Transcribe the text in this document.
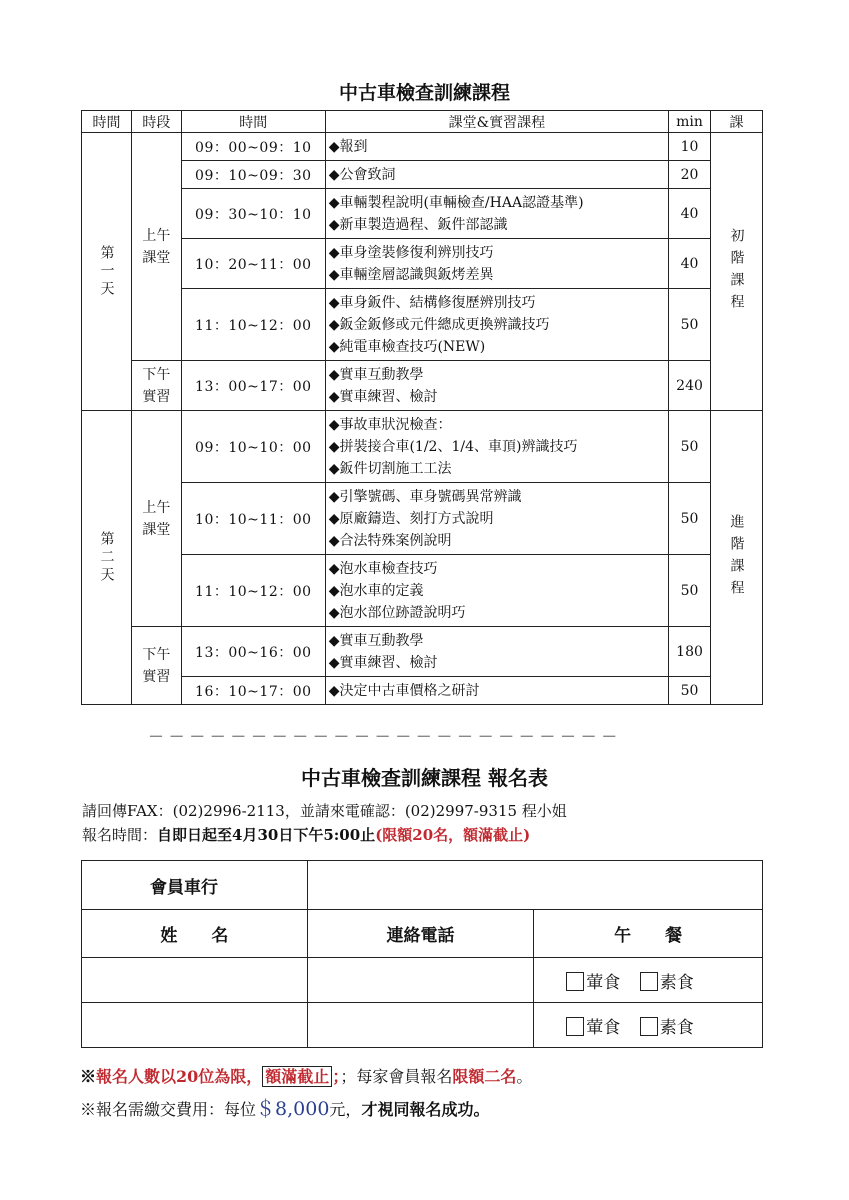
中古車檢查訓練課程
時間	時段	時間	課堂&實習課程	min	課
第一天	上午課堂	09：00~09：10	◆報到	10	初階課程
		09：10~09：30	◆公會致詞	20	
		09：30~10：10	◆車輛製程說明(車輛檢查/HAA認證基準)
◆新車製造過程、鈑件部認識	40	
		10：20~11：00	◆車身塗裝修復利辨別技巧
◆車輛塗層認識與鈑烤差異	40	
		11：10~12：00	◆車身鈑件、結構修復歷辨別技巧
◆鈑金鈑修或元件總成更換辨識技巧
◆純電車檢查技巧(NEW)	50	
	下午實習	13：00~17：00	◆實車互動教學
◆實車練習、檢討	240	
第二天	上午課堂	09：10~10：00	◆事故車狀況檢查：
◆拼裝接合車(1/2、1/4、車頂)辨識技巧
◆鈑件切割施工工法	50	進階課程
		10：10~11：00	◆引擎號碼、車身號碼異常辨識
◆原廠鑄造、刻打方式說明
◆合法特殊案例說明	50	
		11：10~12：00	◆泡水車檢查技巧
◆泡水車的定義
◆泡水部位跡證說明巧	50	
	下午實習	13：00~16：00	◆實車互動教學
◆實車練習、檢討	180	
		16：10~17：00	◆決定中古車價格之研討	50	
－－－－－－－－－－－－－－－－－－－－－－－
中古車檢查訓練課程 報名表
請回傳FAX：(02)2996-2113，並請來電確認：(02)2997-9315 程小姐
報名時間：自即日起至4月30日下午5:00止(限額20名，額滿截止)
會員車行		
姓　　名	連絡電話	午　　餐
		葷食 素食
		葷食 素食
※報名人數以20位為限， 額滿截止 ；；每家會員報名限額二名。
※報名需繳交費用：每位＄8,000元，才視同報名成功。
